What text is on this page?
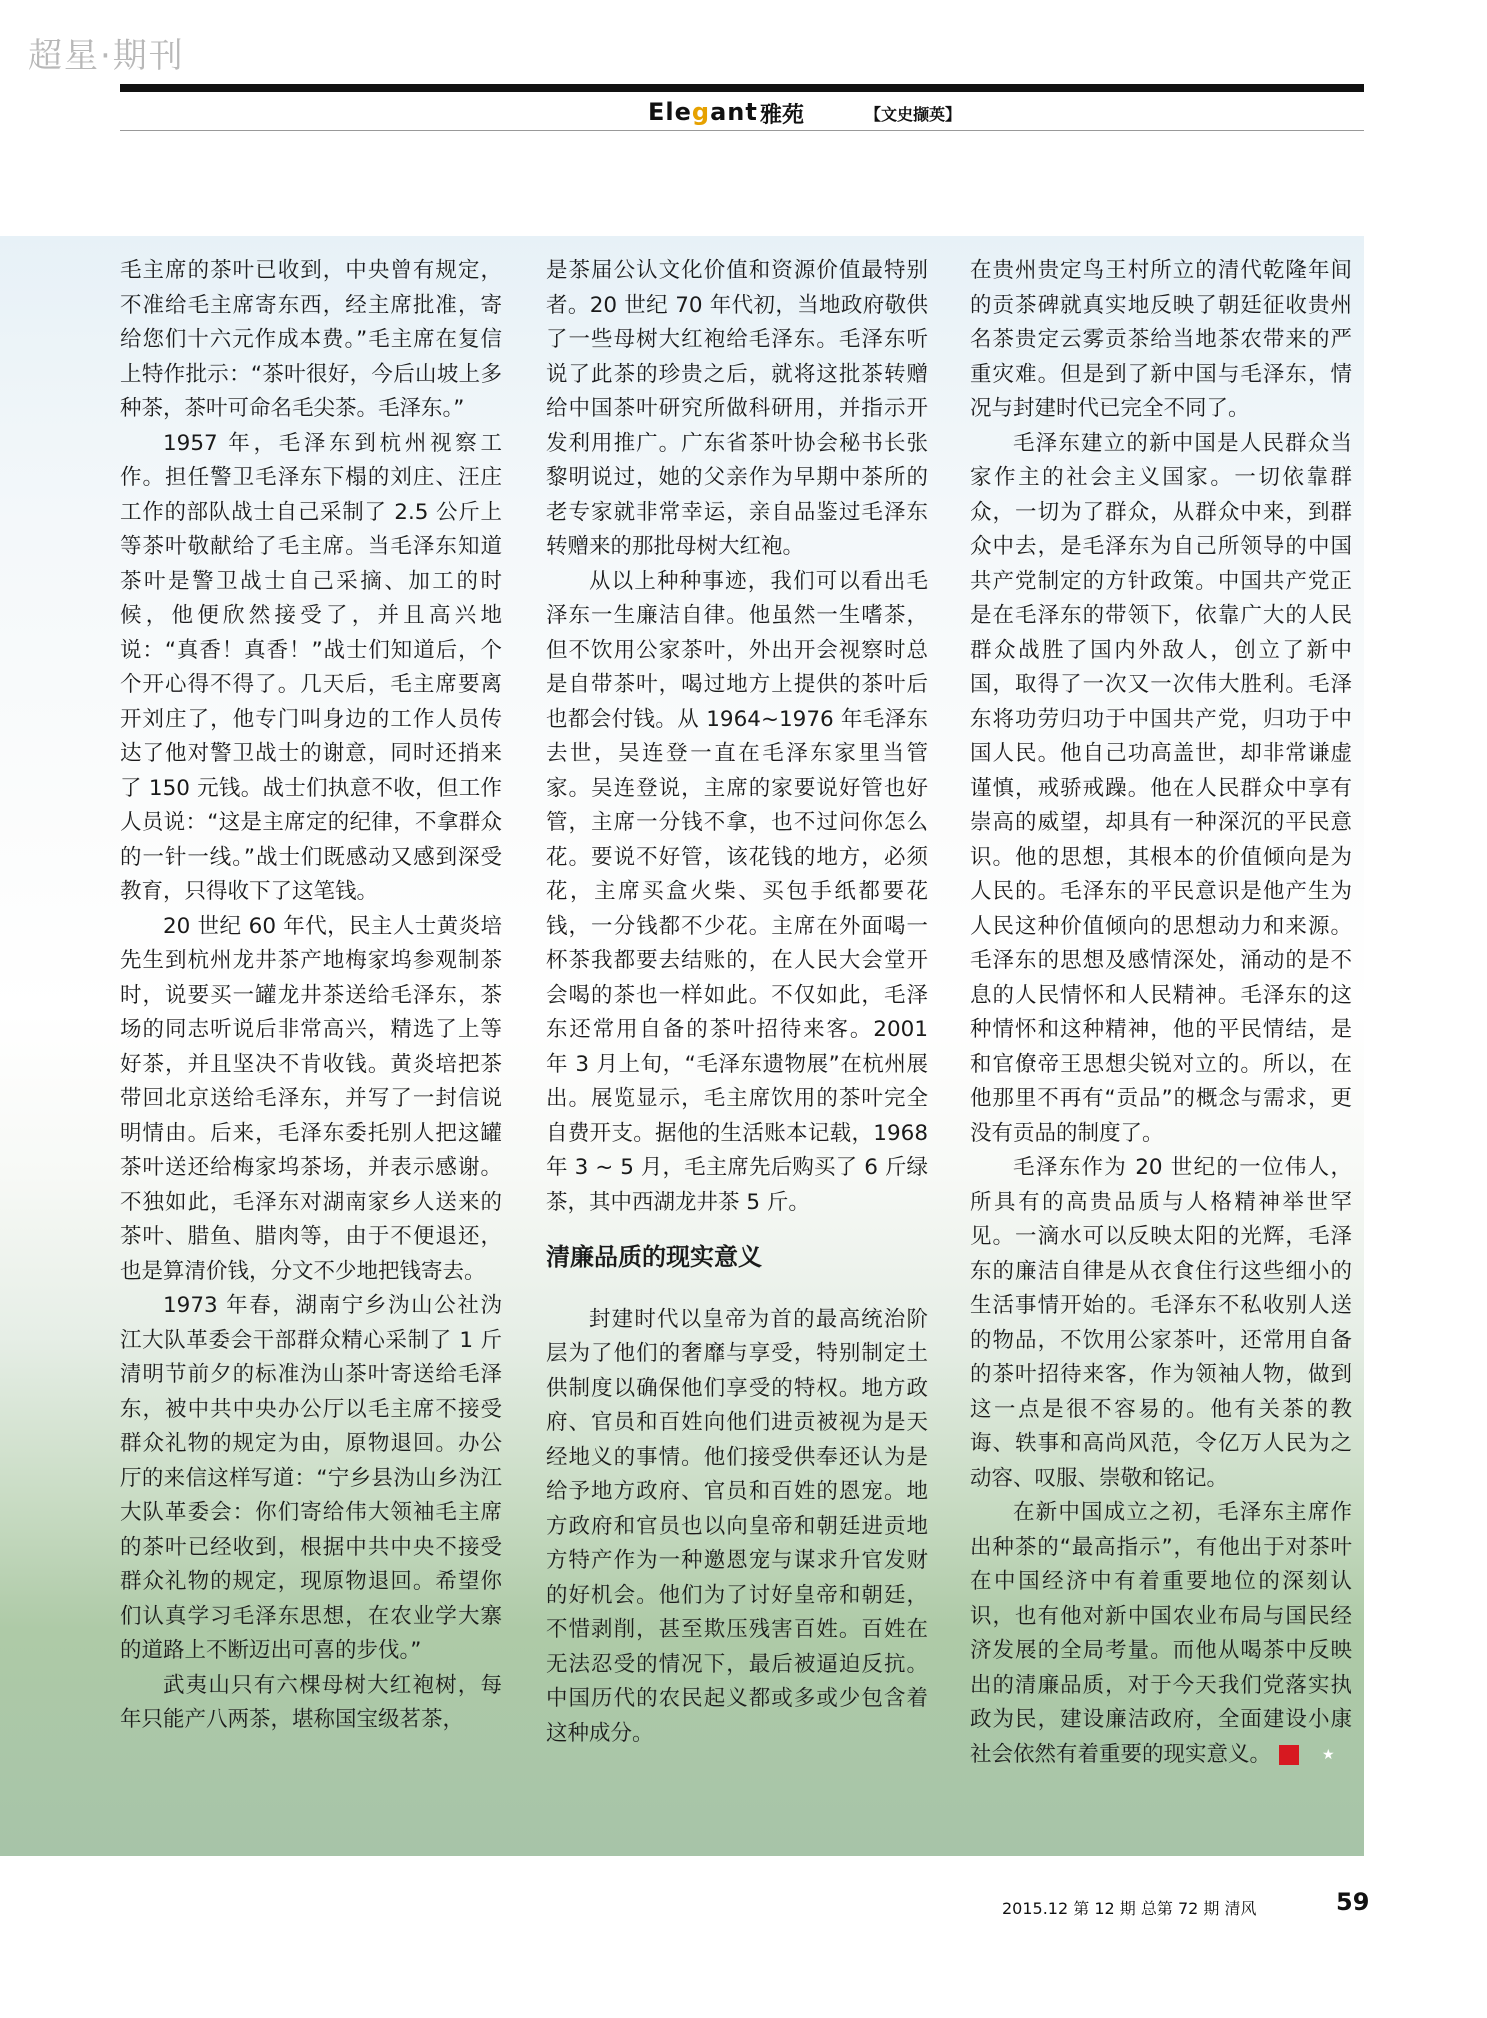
超星·期刊
Elegant 雅苑	【文史撷英】

毛主席的茶叶已收到，中央曾有规定，不准给毛主席寄东西，经主席批准，寄给您们十六元作成本费。”毛主席在复信上特作批示：“茶叶很好，今后山坡上多种茶，茶叶可命名毛尖茶。毛泽东。”

1957 年，毛泽东到杭州视察工作。担任警卫毛泽东下榻的刘庄、汪庄工作的部队战士自己采制了 2.5 公斤上等茶叶敬献给了毛主席。当毛泽东知道茶叶是警卫战士自己采摘、加工的时候，他便欣然接受了，并且高兴地说：“真香！真香！”战士们知道后，个个开心得不得了。几天后，毛主席要离开刘庄了，他专门叫身边的工作人员传达了他对警卫战士的谢意，同时还捎来了 150 元钱。战士们执意不收，但工作人员说：“这是主席定的纪律，不拿群众的一针一线。”战士们既感动又感到深受教育，只得收下了这笔钱。

20 世纪 60 年代，民主人士黄炎培先生到杭州龙井茶产地梅家坞参观制茶时，说要买一罐龙井茶送给毛泽东，茶场的同志听说后非常高兴，精选了上等好茶，并且坚决不肯收钱。黄炎培把茶带回北京送给毛泽东，并写了一封信说明情由。后来，毛泽东委托别人把这罐茶叶送还给梅家坞茶场，并表示感谢。不独如此，毛泽东对湖南家乡人送来的茶叶、腊鱼、腊肉等，由于不便退还，也是算清价钱，分文不少地把钱寄去。

1973 年春，湖南宁乡沩山公社沩江大队革委会干部群众精心采制了 1 斤清明节前夕的标准沩山茶叶寄送给毛泽东，被中共中央办公厅以毛主席不接受群众礼物的规定为由，原物退回。办公厅的来信这样写道：“宁乡县沩山乡沩江大队革委会：你们寄给伟大领袖毛主席的茶叶已经收到，根据中共中央不接受群众礼物的规定，现原物退回。希望你们认真学习毛泽东思想，在农业学大寨的道路上不断迈出可喜的步伐。”

武夷山只有六棵母树大红袍树，每年只能产八两茶，堪称国宝级茗茶，

是茶届公认文化价值和资源价值最特别者。20 世纪 70 年代初，当地政府敬供了一些母树大红袍给毛泽东。毛泽东听说了此茶的珍贵之后，就将这批茶转赠给中国茶叶研究所做科研用，并指示开发利用推广。广东省茶叶协会秘书长张黎明说过，她的父亲作为早期中茶所的老专家就非常幸运，亲自品鉴过毛泽东转赠来的那批母树大红袍。

从以上种种事迹，我们可以看出毛泽东一生廉洁自律。他虽然一生嗜茶，但不饮用公家茶叶，外出开会视察时总是自带茶叶，喝过地方上提供的茶叶后也都会付钱。从 1964~1976 年毛泽东去世，吴连登一直在毛泽东家里当管家。吴连登说，主席的家要说好管也好管，主席一分钱不拿，也不过问你怎么花。要说不好管，该花钱的地方，必须花，主席买盒火柴、买包手纸都要花钱，一分钱都不少花。主席在外面喝一杯茶我都要去结账的，在人民大会堂开会喝的茶也一样如此。不仅如此，毛泽东还常用自备的茶叶招待来客。2001 年 3 月上旬，“毛泽东遗物展”在杭州展出。展览显示，毛主席饮用的茶叶完全自费开支。据他的生活账本记载，1968 年 3 ~ 5 月，毛主席先后购买了 6 斤绿茶，其中西湖龙井茶 5 斤。

清廉品质的现实意义

封建时代以皇帝为首的最高统治阶层为了他们的奢靡与享受，特别制定土供制度以确保他们享受的特权。地方政府、官员和百姓向他们进贡被视为是天经地义的事情。他们接受供奉还认为是给予地方政府、官员和百姓的恩宠。地方政府和官员也以向皇帝和朝廷进贡地方特产作为一种邀恩宠与谋求升官发财的好机会。他们为了讨好皇帝和朝廷，不惜剥削，甚至欺压残害百姓。百姓在无法忍受的情况下，最后被逼迫反抗。中国历代的农民起义都或多或少包含着这种成分。

在贵州贵定鸟王村所立的清代乾隆年间的贡茶碑就真实地反映了朝廷征收贵州名茶贵定云雾贡茶给当地茶农带来的严重灾难。但是到了新中国与毛泽东，情况与封建时代已完全不同了。

毛泽东建立的新中国是人民群众当家作主的社会主义国家。一切依靠群众，一切为了群众，从群众中来，到群众中去，是毛泽东为自己所领导的中国共产党制定的方针政策。中国共产党正是在毛泽东的带领下，依靠广大的人民群众战胜了国内外敌人，创立了新中国，取得了一次又一次伟大胜利。毛泽东将功劳归功于中国共产党，归功于中国人民。他自己功高盖世，却非常谦虚谨慎，戒骄戒躁。他在人民群众中享有崇高的威望，却具有一种深沉的平民意识。他的思想，其根本的价值倾向是为人民的。毛泽东的平民意识是他产生为人民这种价值倾向的思想动力和来源。毛泽东的思想及感情深处，涌动的是不息的人民情怀和人民精神。毛泽东的这种情怀和这种精神，他的平民情结，是和官僚帝王思想尖锐对立的。所以，在他那里不再有“贡品”的概念与需求，更没有贡品的制度了。

毛泽东作为 20 世纪的一位伟人，所具有的高贵品质与人格精神举世罕见。一滴水可以反映太阳的光辉，毛泽东的廉洁自律是从衣食住行这些细小的生活事情开始的。毛泽东不私收别人送的物品，不饮用公家茶叶，还常用自备的茶叶招待来客，作为领袖人物，做到这一点是很不容易的。他有关茶的教诲、轶事和高尚风范，令亿万人民为之动容、叹服、崇敬和铭记。

在新中国成立之初，毛泽东主席作出种茶的“最高指示”，有他出于对茶叶在中国经济中有着重要地位的深刻认识，也有他对新中国农业布局与国民经济发展的全局考量。而他从喝茶中反映出的清廉品质，对于今天我们党落实执政为民，建设廉洁政府，全面建设小康社会依然有着重要的现实意义。	★

2015.12 第 12 期 总第 72 期 清风	59
